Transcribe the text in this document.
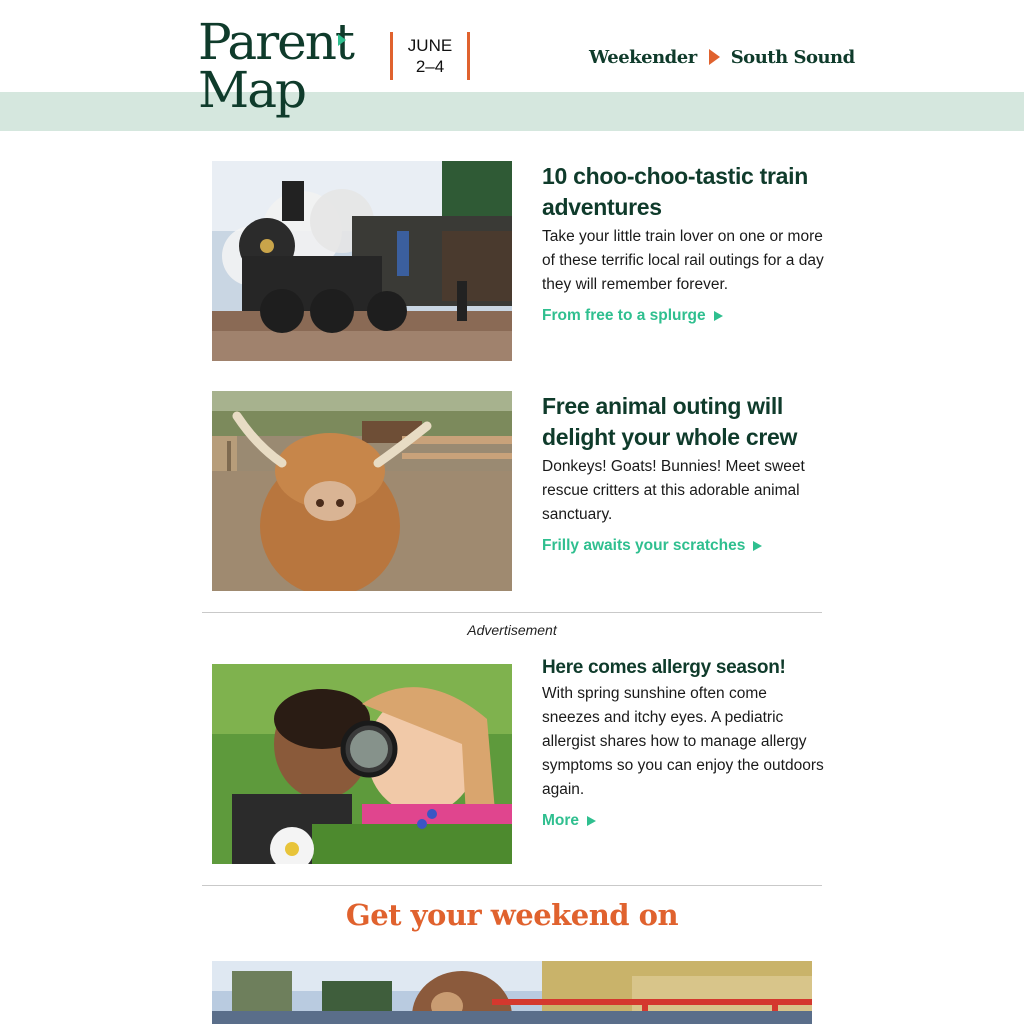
Parent
Map
JUNE
2–4	Weekender South Sound
10 choo-choo-tastic train adventures
Take your little train lover on one or more of these terrific local rail outings for a day they will remember forever.
From free to a splurge
Free animal outing will delight your whole crew
Donkeys! Goats! Bunnies! Meet sweet rescue critters at this adorable animal sanctuary.
Frilly awaits your scratches
Advertisement
Here comes allergy season!
With spring sunshine often come sneezes and itchy eyes. A pediatric allergist shares how to manage allergy symptoms so you can enjoy the outdoors again.
More
Get your weekend on
